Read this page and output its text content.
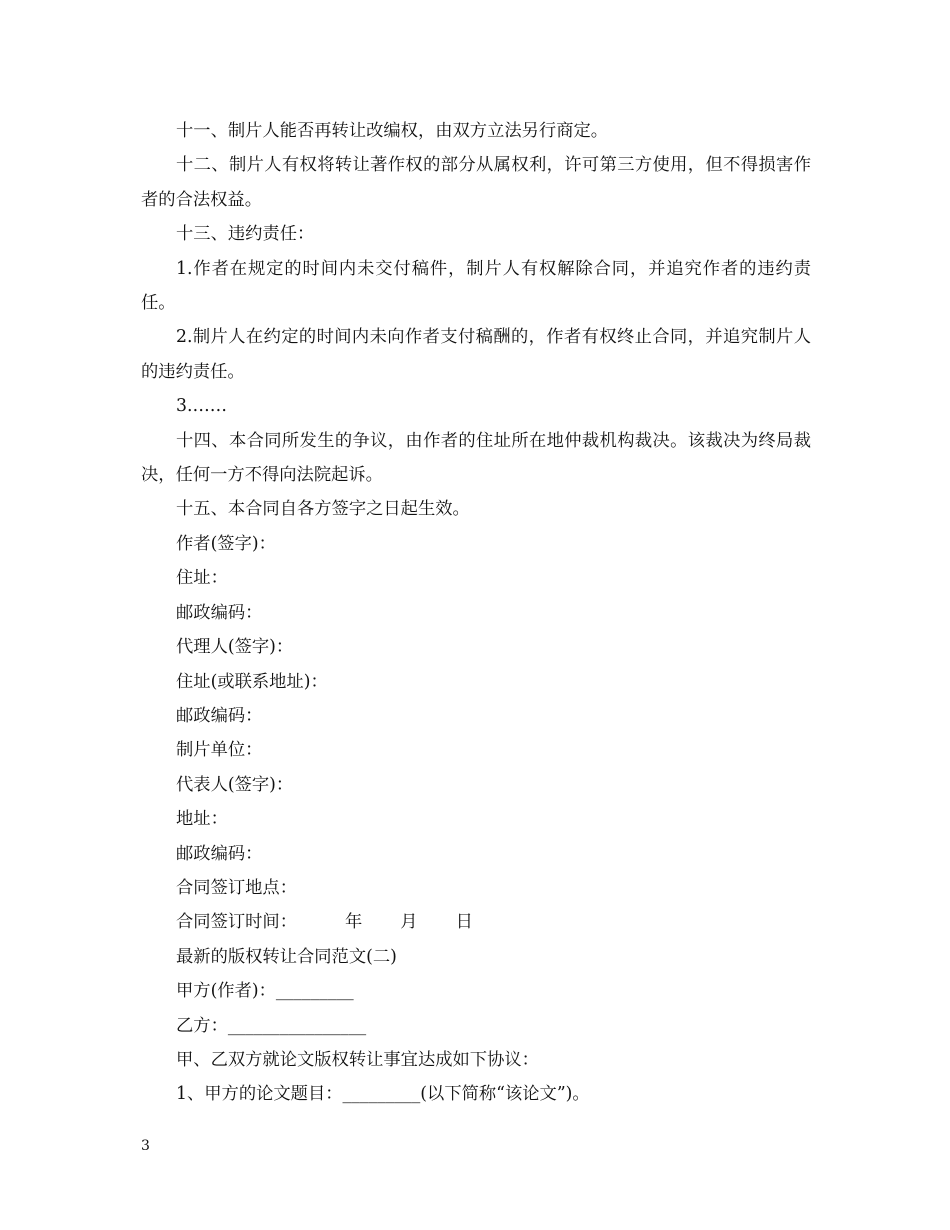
十一、制片人能否再转让改编权，由双方立法另行商定。

十二、制片人有权将转让著作权的部分从属权利，许可第三方使用，但不得损害作者的合法权益。

十三、违约责任：

1.作者在规定的时间内未交付稿件，制片人有权解除合同，并追究作者的违约责任。

2.制片人在约定的时间内未向作者支付稿酬的，作者有权终止合同，并追究制片人的违约责任。

3.……

十四、本合同所发生的争议，由作者的住址所在地仲裁机构裁决。该裁决为终局裁决，任何一方不得向法院起诉。

十五、本合同自各方签字之日起生效。

作者(签字)：

住址：

邮政编码：

代理人(签字)：

住址(或联系地址)：

邮政编码：

制片单位：

代表人(签字)：

地址：

邮政编码：

合同签订地点：

合同签订时间：	年 月 日

最新的版权转让合同范文(二)

甲方(作者)：_________

乙方：________________

甲、乙双方就论文版权转让事宜达成如下协议：

1、甲方的论文题目：_________(以下简称“该论文”)。

3
